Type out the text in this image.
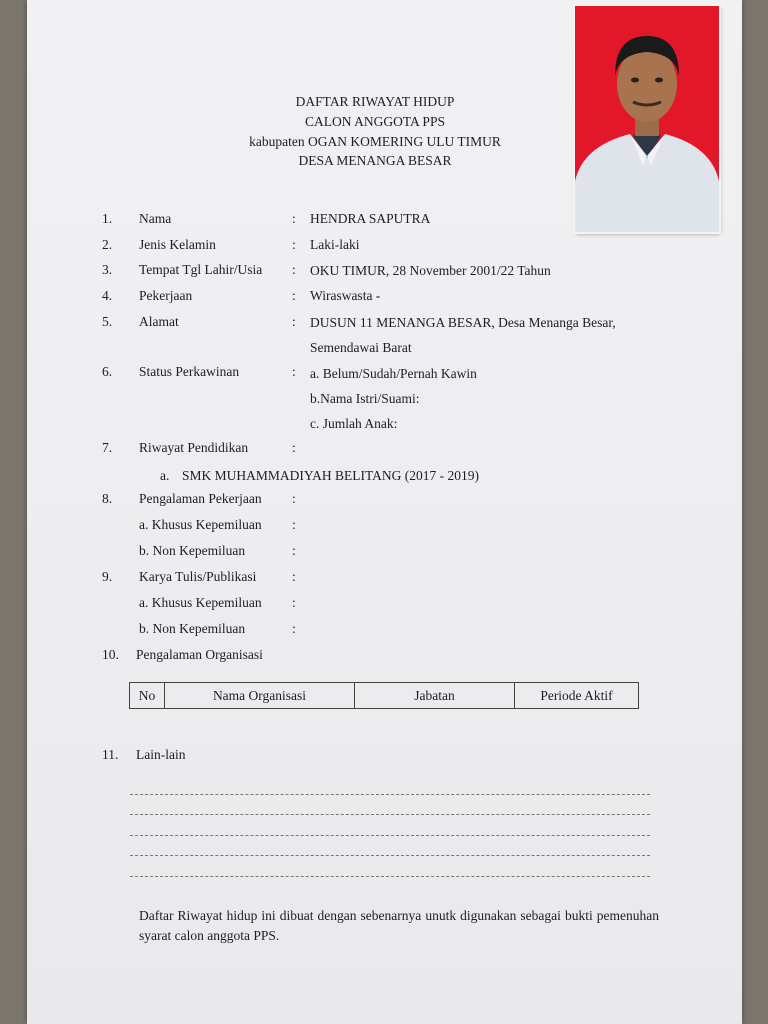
DAFTAR RIWAYAT HIDUP
CALON ANGGOTA PPS
kabupaten OGAN KOMERING ULU TIMUR
DESA MENANGA BESAR
1.	Nama	: HENDRA SAPUTRA
2.	Jenis Kelamin	: Laki-laki
3.	Tempat Tgl Lahir/Usia : OKU TIMUR, 28 November 2001/22 Tahun
4.	Pekerjaan	: Wiraswasta -
5.	Alamat	: DUSUN 11 MENANGA BESAR, Desa Menanga Besar,
Semendawai Barat
6.	Status Perkawinan	: a. Belum/Sudah/Pernah Kawin
b.Nama Istri/Suami:
c. Jumlah Anak:
7.	Riwayat Pendidikan	:
a. SMK MUHAMMADIYAH BELITANG (2017 - 2019)
8.	Pengalaman Pekerjaan :
a. Khusus Kepemiluan :
b. Non Kepemiluan	:
9.	Karya Tulis/Publikasi	:
a. Khusus Kepemiluan :
b. Non Kepemiluan	:
10. Pengalaman Organisasi
No	Nama Organisasi	Jabatan	Periode Aktif
11. Lain-lain
Daftar Riwayat hidup ini dibuat dengan sebenarnya unutk digunakan sebagai bukti pemenuhan syarat calon anggota PPS.
